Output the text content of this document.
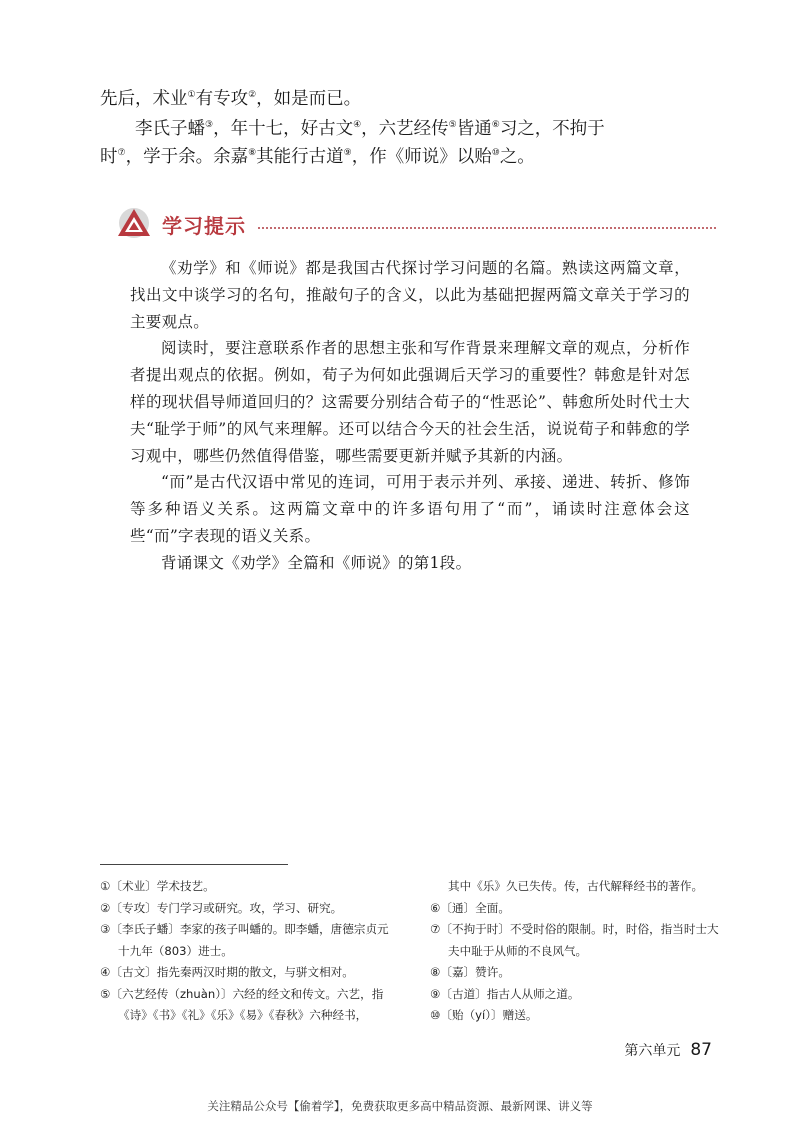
先后，术业①有专攻②，如是而已。
李氏子蟠③，年十七，好古文④，六艺经传⑤皆通⑥习之，不拘于
时⑦，学于余。余嘉⑧其能行古道⑨，作《师说》以贻⑩之。
学习提示

《劝学》和《师说》都是我国古代探讨学习问题的名篇。熟读这两篇文章，找出文中谈学习的名句，推敲句子的含义，以此为基础把握两篇文章关于学习的主要观点。

阅读时，要注意联系作者的思想主张和写作背景来理解文章的观点，分析作者提出观点的依据。例如，荀子为何如此强调后天学习的重要性？韩愈是针对怎样的现状倡导师道回归的？这需要分别结合荀子的“性恶论”、韩愈所处时代士大夫“耻学于师”的风气来理解。还可以结合今天的社会生活，说说荀子和韩愈的学习观中，哪些仍然值得借鉴，哪些需要更新并赋予其新的内涵。

“而”是古代汉语中常见的连词，可用于表示并列、承接、递进、转折、修饰等多种语义关系。这两篇文章中的许多语句用了“而”，诵读时注意体会这些“而”字表现的语义关系。

背诵课文《劝学》全篇和《师说》的第1段。

①〔术业〕学术技艺。

②〔专攻〕专门学习或研究。攻，学习、研究。

③〔李氏子蟠〕李家的孩子叫蟠的。即李蟠，唐德宗贞元十九年（803）进士。

④〔古文〕指先秦两汉时期的散文，与骈文相对。

⑤〔六艺经传（zhuàn）〕六经的经文和传文。六艺，指《诗》《书》《礼》《乐》《易》《春秋》六种经书，

其中《乐》久已失传。传，古代解释经书的著作。

⑥〔通〕全面。

⑦〔不拘于时〕不受时俗的限制。时，时俗，指当时士大夫中耻于从师的不良风气。

⑧〔嘉〕赞许。

⑨〔古道〕指古人从师之道。

⑩〔贻（yí）〕赠送。

第六单元 87
关注精品公众号【偷着学】，免费获取更多高中精品资源、最新网课、讲义等
